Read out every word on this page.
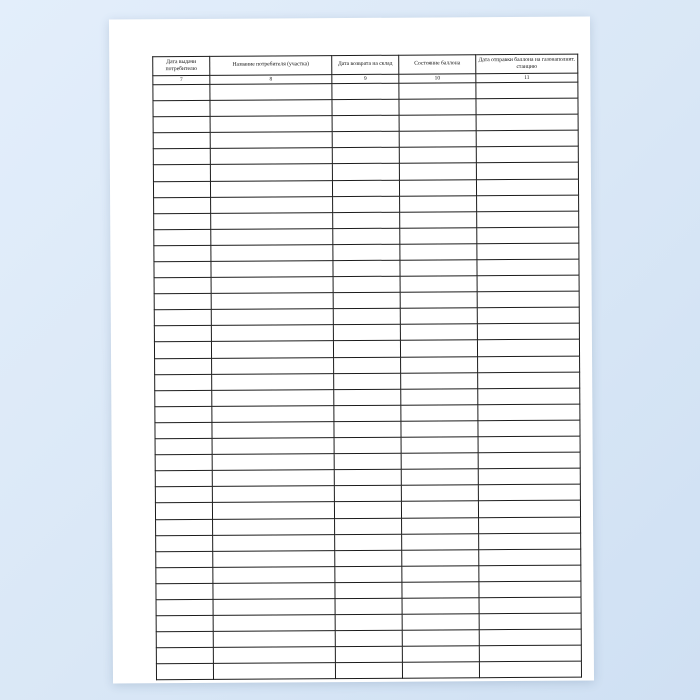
Дата выдачи потребителю	Название потребителя (участка)	Дата возврата на склад	Состояние баллона	Дата отправки баллона на газонаполнит. станцию

7	8	9	10	11
